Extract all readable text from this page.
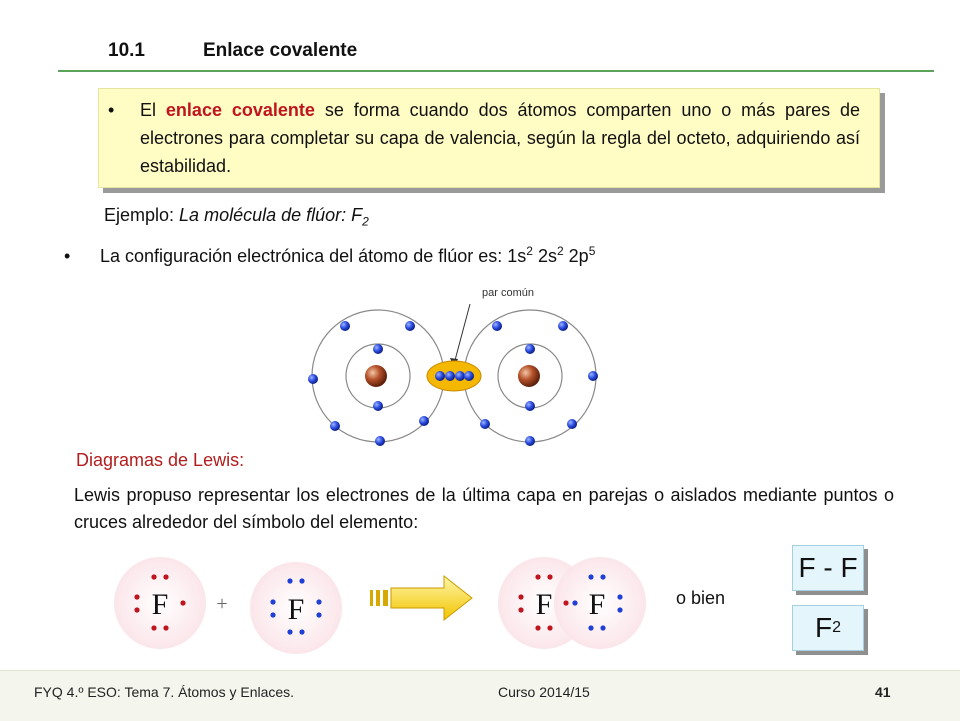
10.1	Enlace covalente
• El enlace covalente se forma cuando dos átomos comparten uno o más pares de electrones para completar su capa de valencia, según la regla del octeto, adquiriendo así estabilidad.
Ejemplo: La molécula de flúor: $F_2$
• La configuración electrónica del átomo de flúor es: $1s^2$ $2s^2$ $2p^5$
par común
Diagramas de Lewis:
Lewis propuso representar los electrones de la última capa en parejas o aislados mediante puntos o cruces alrededor del símbolo del elemento:
F + F	F F	o bien
F - F
F 2
FYQ 4.º ESO: Tema 7. Átomos y Enlaces.	Curso 2014/15	41
